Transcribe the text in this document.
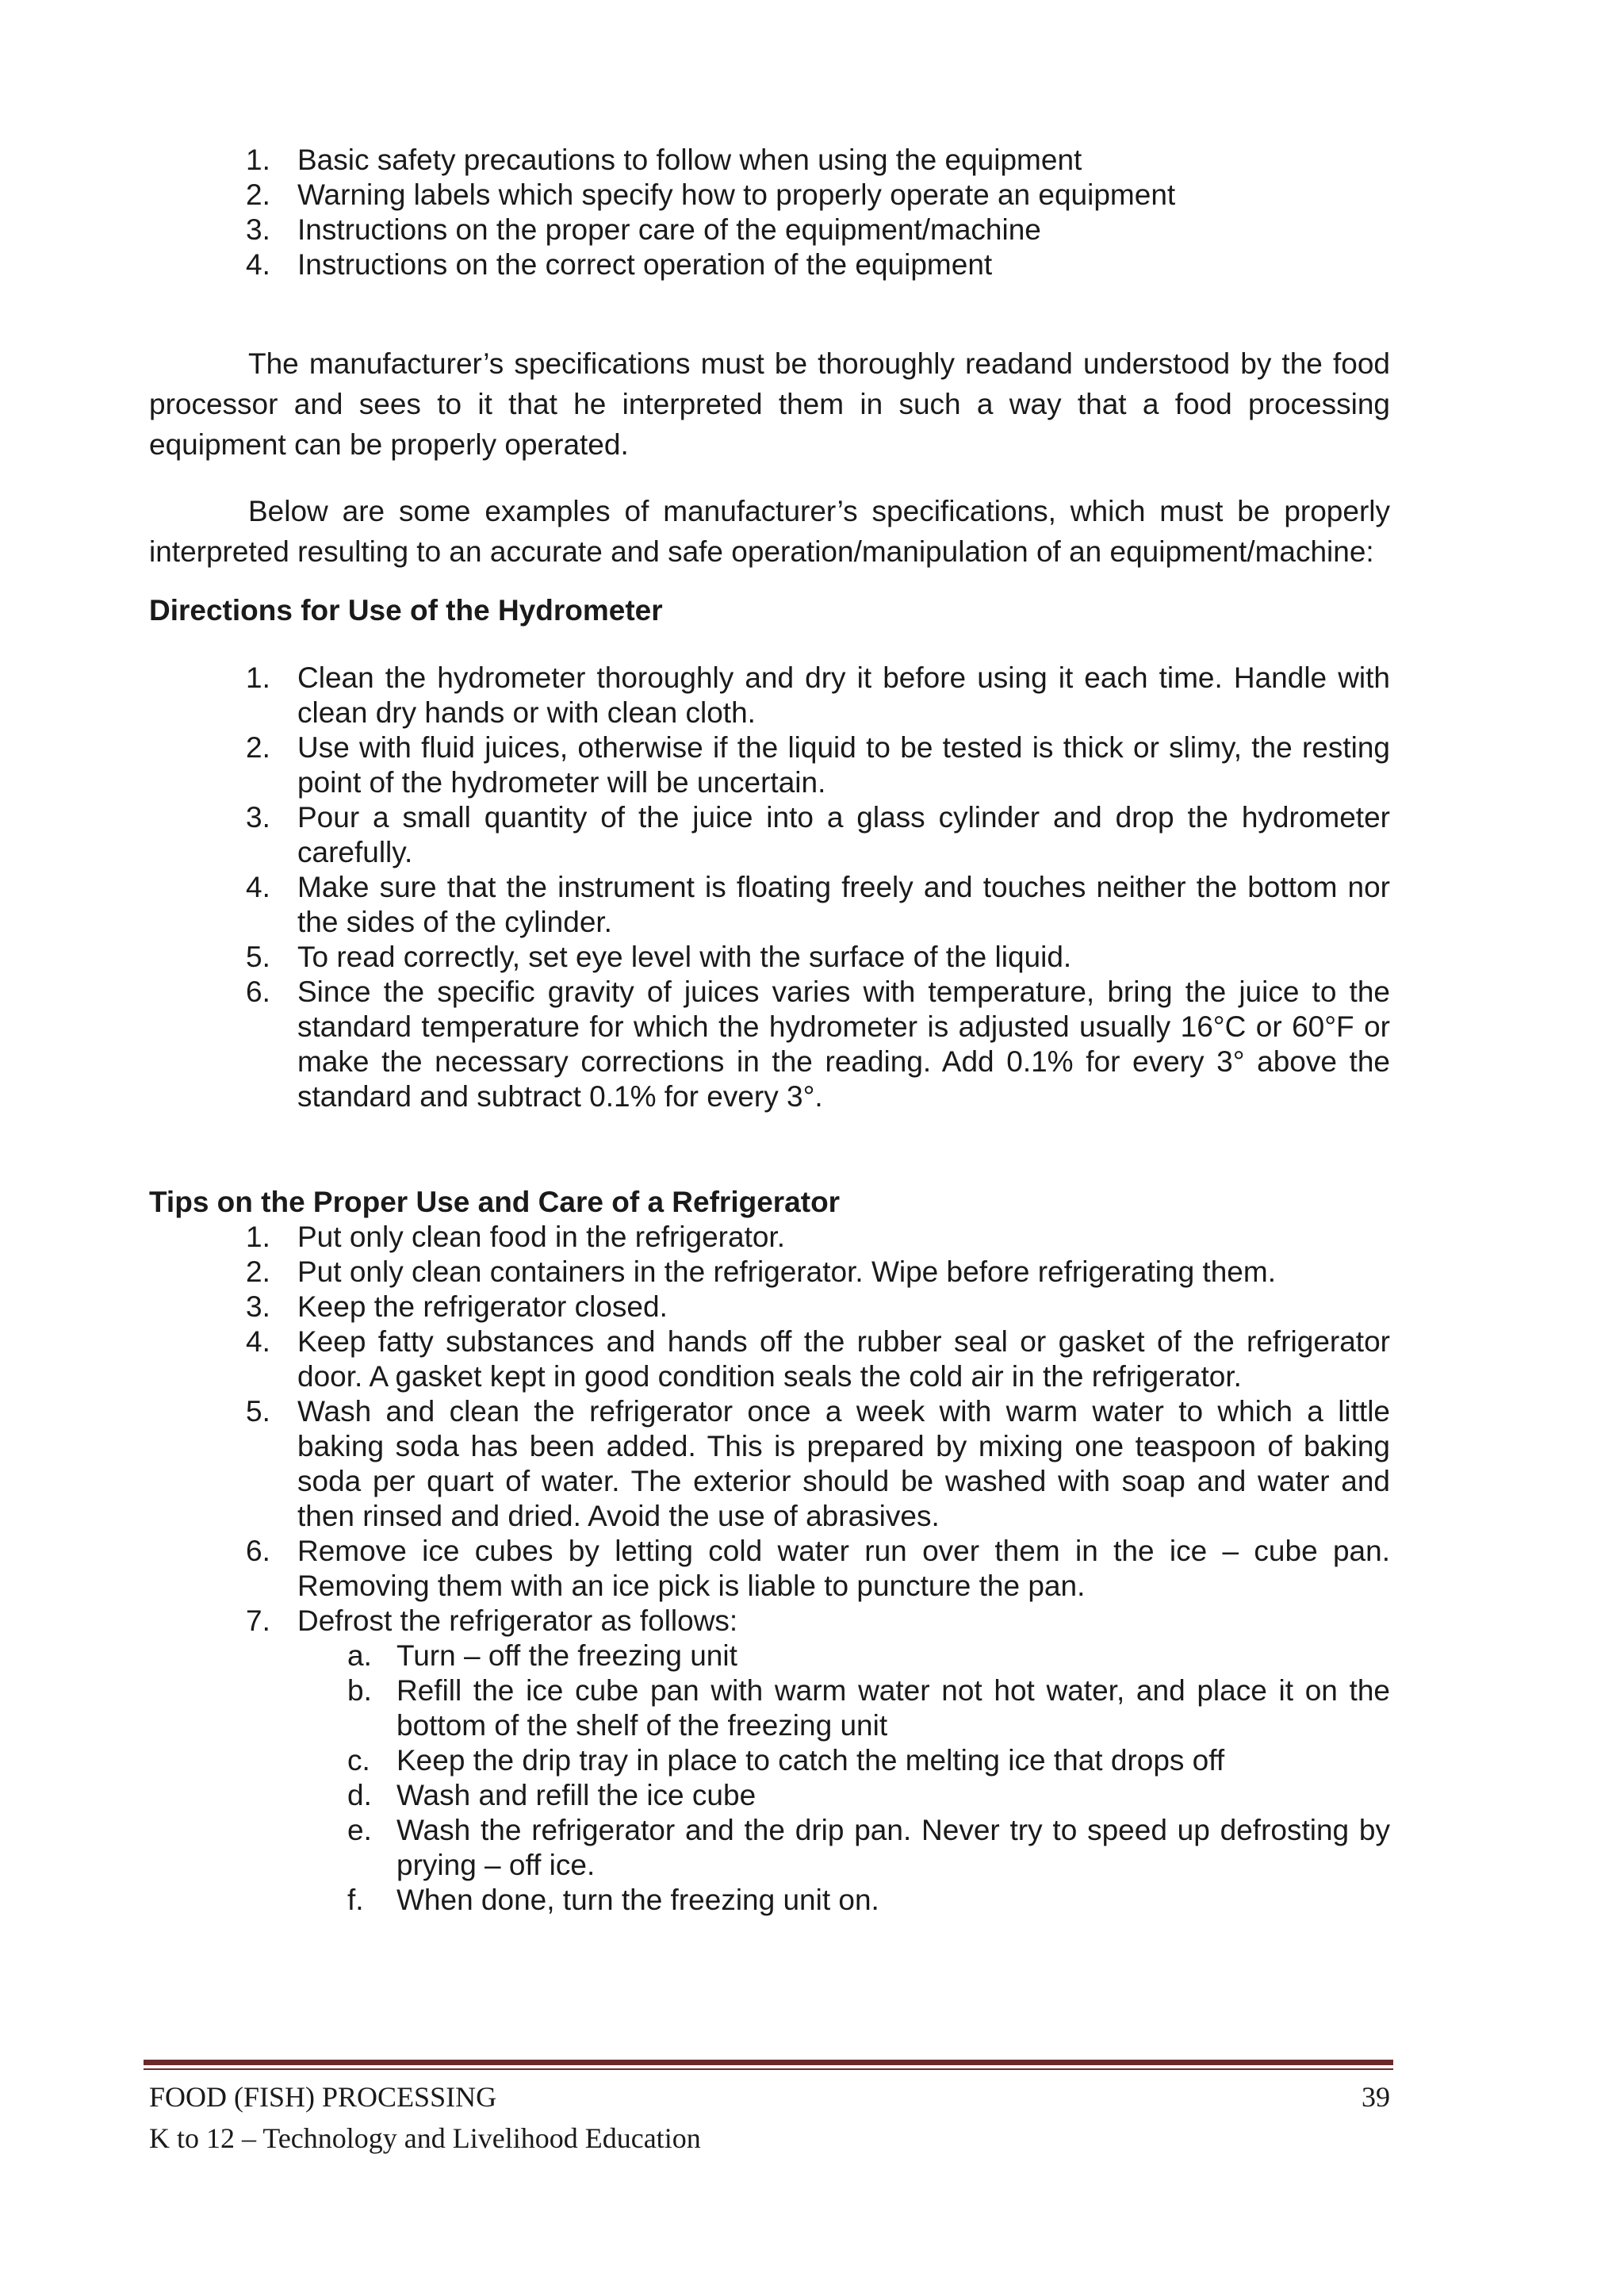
1. Basic safety precautions to follow when using the equipment
2. Warning labels which specify how to properly operate an equipment
3. Instructions on the proper care of the equipment/machine
4. Instructions on the correct operation of the equipment

The manufacturer’s specifications must be thoroughly readand understood by the food processor and sees to it that he interpreted them in such a way that a food processing equipment can be properly operated.

Below are some examples of manufacturer’s specifications, which must be properly interpreted resulting to an accurate and safe operation/manipulation of an equipment/machine:

Directions for Use of the Hydrometer
1. Clean the hydrometer thoroughly and dry it before using it each time. Handle with clean dry hands or with clean cloth.
2. Use with fluid juices, otherwise if the liquid to be tested is thick or slimy, the resting point of the hydrometer will be uncertain.
3. Pour a small quantity of the juice into a glass cylinder and drop the hydrometer carefully.
4. Make sure that the instrument is floating freely and touches neither the bottom nor the sides of the cylinder.
5. To read correctly, set eye level with the surface of the liquid.
6. Since the specific gravity of juices varies with temperature, bring the juice to the standard temperature for which the hydrometer is adjusted usually 16°C or 60°F or make the necessary corrections in the reading. Add 0.1% for every 3° above the standard and subtract 0.1% for every 3°.
Tips on the Proper Use and Care of a Refrigerator
1. Put only clean food in the refrigerator.
2. Put only clean containers in the refrigerator. Wipe before refrigerating them.
3. Keep the refrigerator closed.
4. Keep fatty substances and hands off the rubber seal or gasket of the refrigerator door. A gasket kept in good condition seals the cold air in the refrigerator.
5. Wash and clean the refrigerator once a week with warm water to which a little baking soda has been added. This is prepared by mixing one teaspoon of baking soda per quart of water. The exterior should be washed with soap and water and then rinsed and dried. Avoid the use of abrasives.
6. Remove ice cubes by letting cold water run over them in the ice – cube pan. Removing them with an ice pick is liable to puncture the pan.
7. Defrost the refrigerator as follows:
a. Turn – off the freezing unit
b. Refill the ice cube pan with warm water not hot water, and place it on the bottom of the shelf of the freezing unit
c. Keep the drip tray in place to catch the melting ice that drops off
d. Wash and refill the ice cube
e. Wash the refrigerator and the drip pan. Never try to speed up defrosting by prying – off ice.
f. When done, turn the freezing unit on.
FOOD (FISH) PROCESSING	39
K to 12 – Technology and Livelihood Education
